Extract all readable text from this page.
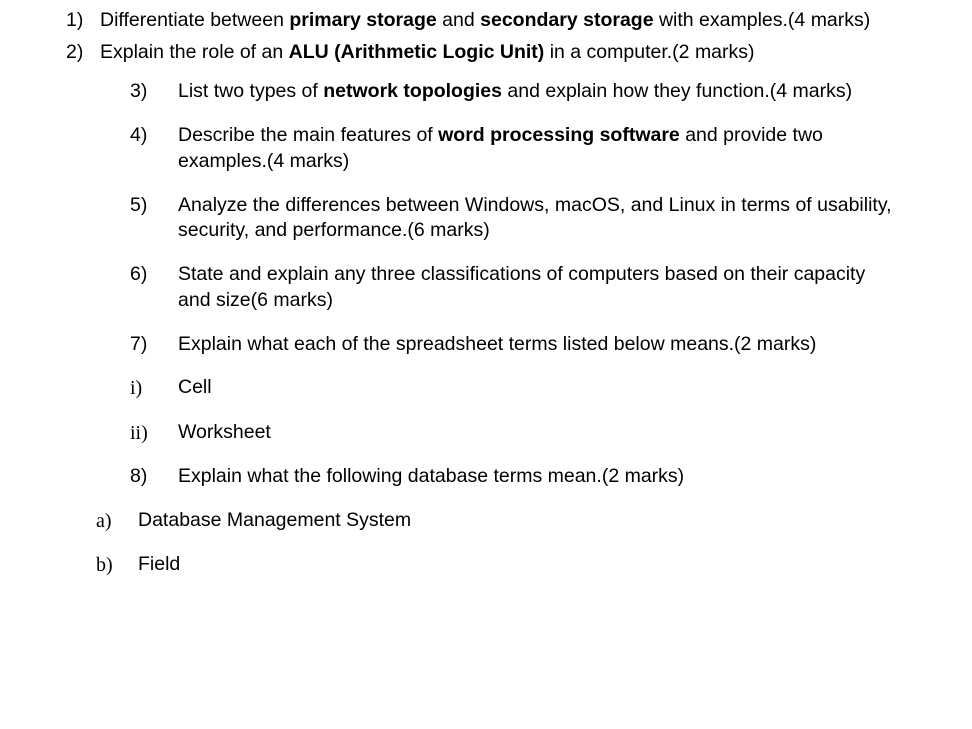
1) Differentiate between primary storage and secondary storage with examples.(4 marks)
2) Explain the role of an ALU (Arithmetic Logic Unit) in a computer.(2 marks)
3)	List two types of network topologies and explain how they function.(4 marks)
4)	Describe the main features of word processing software and provide two examples.(4 marks)
5)	Analyze the differences between Windows, macOS, and Linux in terms of usability, security, and performance.(6 marks)
6)	State and explain any three classifications of computers based on their capacity and size(6 marks)
7)	Explain what each of the spreadsheet terms listed below means.(2 marks)
i)	Cell
ii)	Worksheet
8)	Explain what the following database terms mean.(2 marks)
a)	Database Management System
b)	Field
